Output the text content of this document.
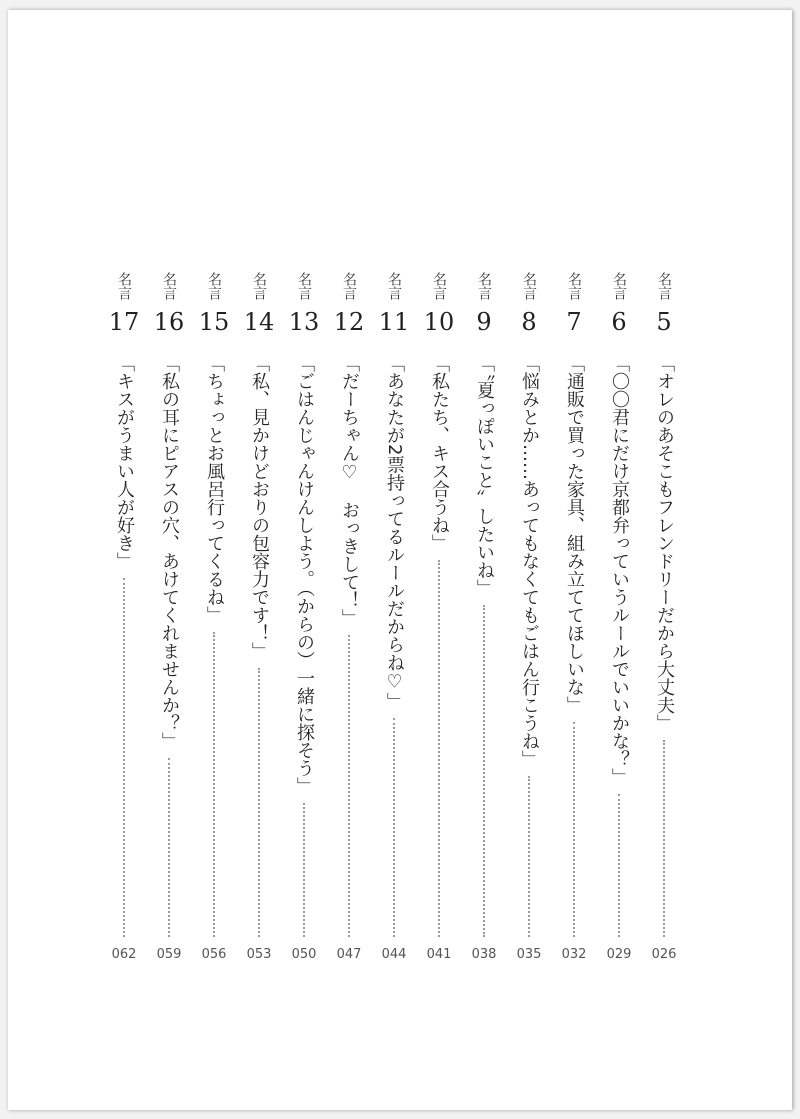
名言
5
「オレのあそこもフレンドリーだから大丈夫」
026
名言
6
「〇〇君にだけ京都弁っていうルールでいいかな？」
029
名言
7
「通販で買った家具、組み立ててほしいな」
032
名言
8
「悩みとか……あってもなくてもごはん行こうね」
035
名言
9
「〝夏っぽいこと〟したいね」
038
名言
10
「私たち、キス合うね」
041
名言
11
「あなたが2票持ってるルールだからね♡」
044
名言
12
「だーちゃん♡　おっきして！」
047
名言
13
「ごはんじゃんけんしよう。（からの）一緒に探そう」
050
名言
14
「私、見かけどおりの包容力です！」
053
名言
15
「ちょっとお風呂行ってくるね」
056
名言
16
「私の耳にピアスの穴、あけてくれませんか？」
059
名言
17
「キスがうまい人が好き」
062
